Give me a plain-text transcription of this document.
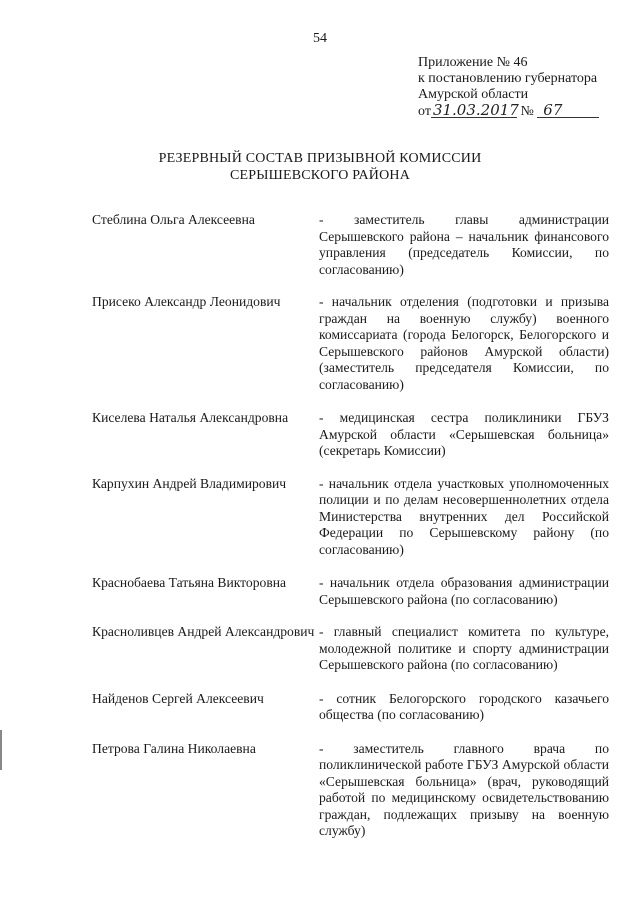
54
Приложение № 46
к постановлению губернатора
Амурской области
от 31.03.2017 № 67
РЕЗЕРВНЫЙ СОСТАВ ПРИЗЫВНОЙ КОМИССИИ
СЕРЫШЕВСКОГО РАЙОНА
Стеблина Ольга Алексеевна	- заместитель главы администрации Серышевского района – начальник финансового управления (председатель Комиссии, по согласованию)
Присеко Александр Леонидович	- начальник отделения (подготовки и призыва граждан на военную службу) военного комиссариата (города Белогорск, Белогорского и Серышевского районов Амурской области) (заместитель председателя Комиссии, по согласованию)
Киселева Наталья Александровна	- медицинская сестра поликлиники ГБУЗ Амурской области «Серышевская больница» (секретарь Комиссии)
Карпухин Андрей Владимирович	- начальник отдела участковых уполномоченных полиции и по делам несовершеннолетних отдела Министерства внутренних дел Российской Федерации по Серышевскому району (по согласованию)
Краснобаева Татьяна Викторовна	- начальник отдела образования администрации Серышевского района (по согласованию)
Красноливцев Андрей Александрович - главный специалист комитета по культуре, молодежной политике и спорту администрации Серышевского района (по согласованию)
Найденов Сергей Алексеевич	- сотник Белогорского городского казачьего общества (по согласованию)
Петрова Галина Николаевна	- заместитель главного врача по поликлинической работе ГБУЗ Амурской области «Серышевская больница» (врач, руководящий работой по медицинскому освидетельствованию граждан, подлежащих призыву на военную службу)
